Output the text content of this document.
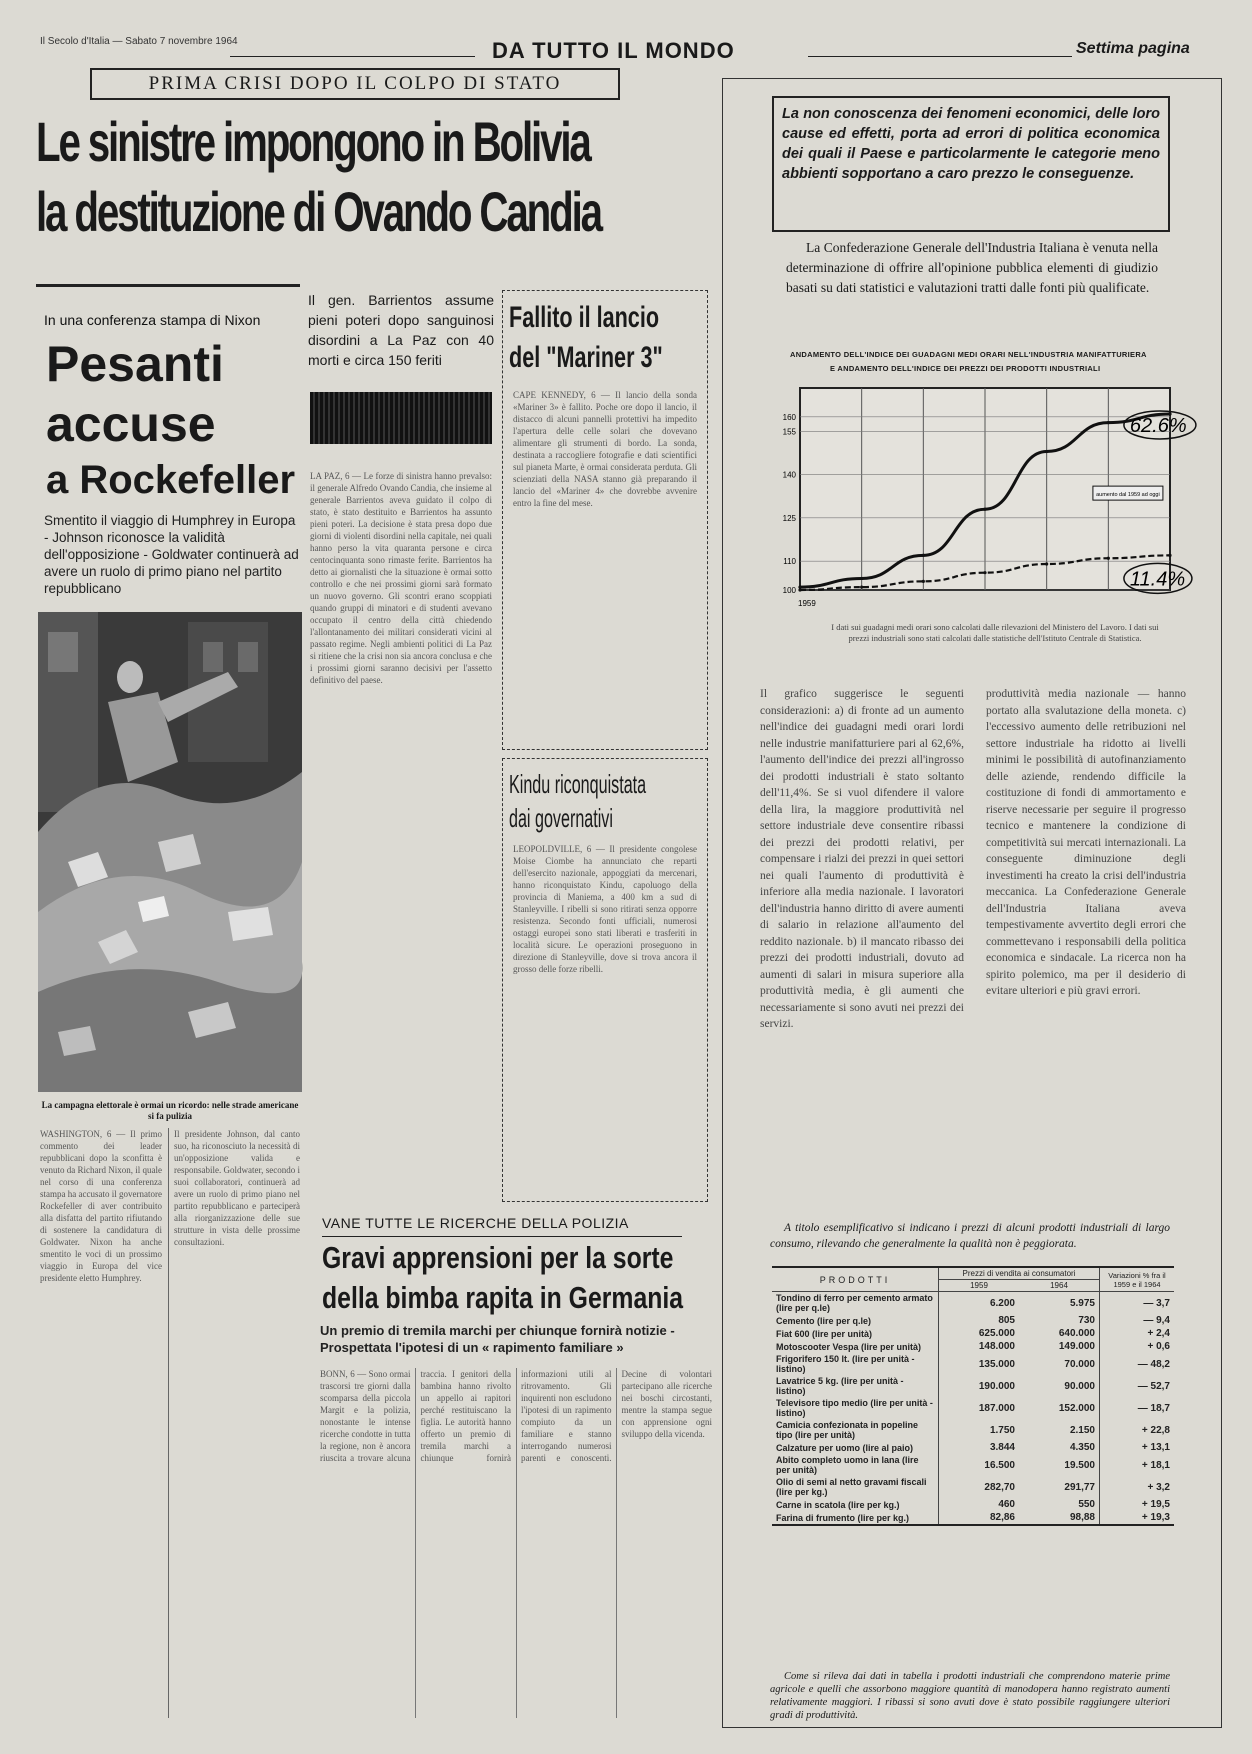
Il Secolo d'Italia — Sabato 7 novembre 1964	DA TUTTO IL MONDO	Settima pagina
PRIMA CRISI DOPO IL COLPO DI STATO
Le sinistre impongono in Bolivia
la destituzione di Ovando Candia
In una conferenza stampa di Nixon
Pesanti
accuse
a Rockefeller
Smentito il viaggio di Humphrey in Europa - Johnson riconosce la validità dell'opposizione - Goldwater continuerà ad avere un ruolo di primo piano nel partito repubblicano
La campagna elettorale è ormai un ricordo: nelle strade americane si fa pulizia
WASHINGTON, 6 — Il primo commento dei leader repubblicani dopo la sconfitta è venuto da Richard Nixon, il quale nel corso di una conferenza stampa ha accusato il governatore Rockefeller di aver contribuito alla disfatta del partito rifiutando di sostenere la candidatura di Goldwater. Nixon ha anche smentito le voci di un prossimo viaggio in Europa del vice presidente eletto Humphrey.
Il presidente Johnson, dal canto suo, ha riconosciuto la necessità di un'opposizione valida e responsabile. Goldwater, secondo i suoi collaboratori, continuerà ad avere un ruolo di primo piano nel partito repubblicano e parteciperà alla riorganizzazione delle sue strutture in vista delle prossime consultazioni.
Il gen. Barrientos assume pieni poteri dopo sanguinosi disordini a La Paz con 40 morti e circa 150 feriti
LA PAZ, 6 — Le forze di sinistra hanno prevalso: il generale Alfredo Ovando Candia, che insieme al generale Barrientos aveva guidato il colpo di stato, è stato destituito e Barrientos ha assunto pieni poteri. La decisione è stata presa dopo due giorni di violenti disordini nella capitale, nei quali hanno perso la vita quaranta persone e circa centocinquanta sono rimaste ferite. Barrientos ha detto ai giornalisti che la situazione è ormai sotto controllo e che nei prossimi giorni sarà formato un nuovo governo. Gli scontri erano scoppiati quando gruppi di minatori e di studenti avevano occupato il centro della città chiedendo l'allontanamento dei militari considerati vicini al passato regime. Negli ambienti politici di La Paz si ritiene che la crisi non sia ancora conclusa e che i prossimi giorni saranno decisivi per l'assetto definitivo del paese.
Fallito il lancio
del "Mariner 3"
CAPE KENNEDY, 6 — Il lancio della sonda «Mariner 3» è fallito. Poche ore dopo il lancio, il distacco di alcuni pannelli protettivi ha impedito l'apertura delle celle solari che dovevano alimentare gli strumenti di bordo. La sonda, destinata a raccogliere fotografie e dati scientifici sul pianeta Marte, è ormai considerata perduta. Gli scienziati della NASA stanno già preparando il lancio del «Mariner 4» che dovrebbe avvenire entro la fine del mese.
Kindu riconquistata
dai governativi
LEOPOLDVILLE, 6 — Il presidente congolese Moise Ciombe ha annunciato che reparti dell'esercito nazionale, appoggiati da mercenari, hanno riconquistato Kindu, capoluogo della provincia di Maniema, a 400 km a sud di Stanleyville. I ribelli si sono ritirati senza opporre resistenza. Secondo fonti ufficiali, numerosi ostaggi europei sono stati liberati e trasferiti in località sicure. Le operazioni proseguono in direzione di Stanleyville, dove si trova ancora il grosso delle forze ribelli.
VANE TUTTE LE RICERCHE DELLA POLIZIA
Gravi apprensioni per la sorte
della bimba rapita in Germania
Un premio di tremila marchi per chiunque fornirà notizie - Prospettata l'ipotesi di un « rapimento familiare »
BONN, 6 — Sono ormai trascorsi tre giorni dalla scomparsa della piccola Margit e la polizia, nonostante le intense ricerche condotte in tutta la regione, non è ancora riuscita a trovare alcuna traccia. I genitori della bambina hanno rivolto un appello ai rapitori perché restituiscano la figlia. Le autorità hanno offerto un premio di tremila marchi a chiunque fornirà informazioni utili al ritrovamento. Gli inquirenti non escludono l'ipotesi di un rapimento compiuto da un familiare e stanno interrogando numerosi parenti e conoscenti. Decine di volontari partecipano alle ricerche nei boschi circostanti, mentre la stampa segue con apprensione ogni sviluppo della vicenda.
La non conoscenza dei fenomeni economici, delle loro cause ed effetti, porta ad errori di politica economica dei quali il Paese e particolarmente le categorie meno abbienti sopportano a caro prezzo le conseguenze.
La Confederazione Generale dell'Industria Italiana è venuta nella determinazione di offrire all'opinione pubblica elementi di giudizio basati su dati statistici e valutazioni tratti dalle fonti più qualificate.
ANDAMENTO DELL'INDICE DEI GUADAGNI MEDI ORARI NELL'INDUSTRIA MANIFATTURIERA
E ANDAMENTO DELL'INDICE DEI PREZZI DEI PRODOTTI INDUSTRIALI
100
110
125
140
155
160
1959
62.6%
11.4%
aumento dal 1959 ad oggi
I dati sui guadagni medi orari sono calcolati dalle rilevazioni del Ministero del Lavoro. I dati sui prezzi industriali sono stati calcolati dalle statistiche dell'Istituto Centrale di Statistica.
Il grafico suggerisce le seguenti considerazioni: a) di fronte ad un aumento nell'indice dei guadagni medi orari lordi nelle industrie manifatturiere pari al 62,6%, l'aumento dell'indice dei prezzi all'ingrosso dei prodotti industriali è stato soltanto dell'11,4%. Se si vuol difendere il valore della lira, la maggiore produttività nel settore industriale deve consentire ribassi dei prezzi dei prodotti relativi, per compensare i rialzi dei prezzi in quei settori nei quali l'aumento di produttività è inferiore alla media nazionale. I lavoratori dell'industria hanno diritto di avere aumenti di salario in relazione all'aumento del reddito nazionale. b) il mancato ribasso dei prezzi dei prodotti industriali, dovuto ad aumenti di salari in misura superiore alla produttività media, è gli aumenti che necessariamente si sono avuti nei prezzi dei servizi.
produttività media nazionale — hanno portato alla svalutazione della moneta. c) l'eccessivo aumento delle retribuzioni nel settore industriale ha ridotto ai livelli minimi le possibilità di autofinanziamento delle aziende, rendendo difficile la costituzione di fondi di ammortamento e riserve necessarie per seguire il progresso tecnico e mantenere la condizione di competitività sui mercati internazionali. La conseguente diminuzione degli investimenti ha creato la crisi dell'industria meccanica. La Confederazione Generale dell'Industria Italiana aveva tempestivamente avvertito degli errori che commettevano i responsabili della politica economica e sindacale. La ricerca non ha spirito polemico, ma per il desiderio di evitare ulteriori e più gravi errori.
A titolo esemplificativo si indicano i prezzi di alcuni prodotti industriali di largo consumo, rilevando che generalmente la qualità non è peggiorata.
PRODOTTI	Prezzi di vendita ai consumatori		Variazioni % fra il 1959 e il 1964
	1959	1964	
Tondino di ferro per cemento armato (lire per q.le)	6.200	5.975	— 3,7
Cemento (lire per q.le)	805	730	— 9,4
Fiat 600 (lire per unità)	625.000	640.000	+ 2,4
Motoscooter Vespa (lire per unità)	148.000	149.000	+ 0,6
Frigorifero 150 lt. (lire per unità - listino)	135.000	70.000	— 48,2
Lavatrice 5 kg. (lire per unità - listino)	190.000	90.000	— 52,7
Televisore tipo medio (lire per unità - listino)	187.000	152.000	— 18,7
Camicia confezionata in popeline tipo (lire per unità)	1.750	2.150	+ 22,8
Calzature per uomo (lire al paio)	3.844	4.350	+ 13,1
Abito completo uomo in lana (lire per unità)	16.500	19.500	+ 18,1
Olio di semi al netto gravami fiscali (lire per kg.)	282,70	291,77	+ 3,2
Carne in scatola (lire per kg.)	460	550	+ 19,5
Farina di frumento (lire per kg.)	82,86	98,88	+ 19,3
Come si rileva dai dati in tabella i prodotti industriali che comprendono materie prime agricole e quelli che assorbono maggiore quantità di manodopera hanno registrato aumenti relativamente maggiori. I ribassi si sono avuti dove è stato possibile raggiungere ulteriori gradi di produttività.
